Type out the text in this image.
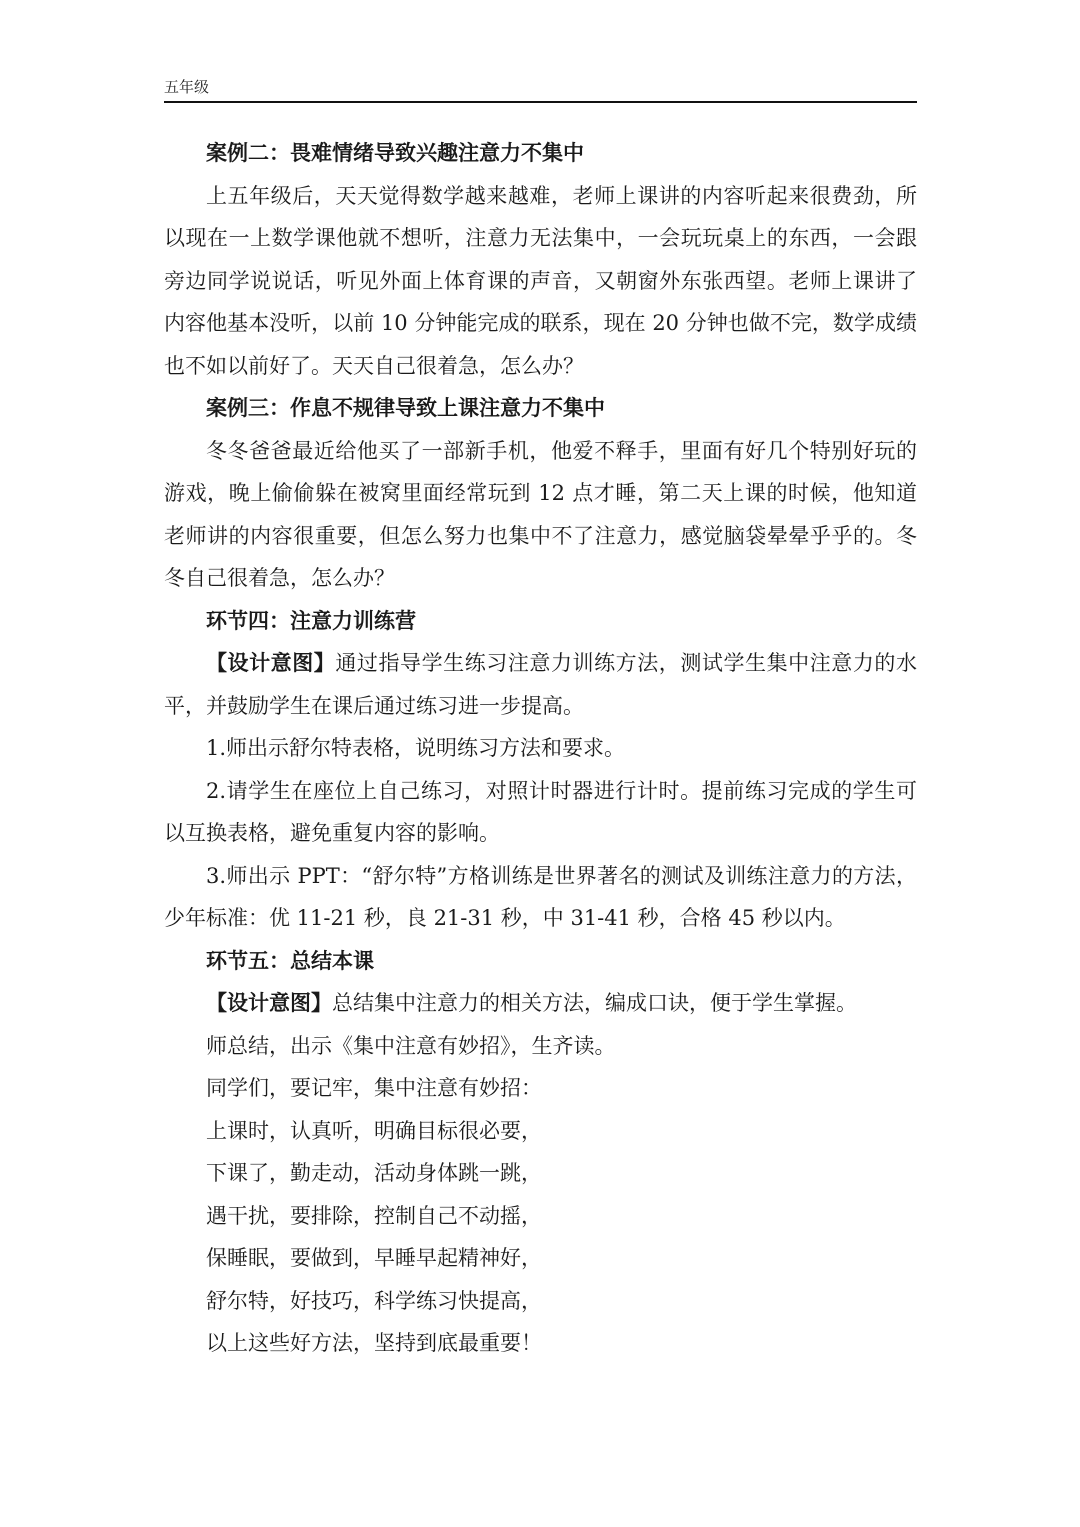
五年级

案例二：畏难情绪导致兴趣注意力不集中

上五年级后，天天觉得数学越来越难，老师上课讲的内容听起来很费劲，所以现在一上数学课他就不想听，注意力无法集中，一会玩玩桌上的东西，一会跟旁边同学说说话，听见外面上体育课的声音，又朝窗外东张西望。老师上课讲了内容他基本没听，以前 10 分钟能完成的联系，现在 20 分钟也做不完，数学成绩也不如以前好了。天天自己很着急，怎么办？

案例三：作息不规律导致上课注意力不集中

冬冬爸爸最近给他买了一部新手机，他爱不释手，里面有好几个特别好玩的游戏，晚上偷偷躲在被窝里面经常玩到 12 点才睡，第二天上课的时候，他知道老师讲的内容很重要，但怎么努力也集中不了注意力，感觉脑袋晕晕乎乎的。冬冬自己很着急，怎么办？

环节四：注意力训练营

【设计意图】通过指导学生练习注意力训练方法，测试学生集中注意力的水平，并鼓励学生在课后通过练习进一步提高。

1.师出示舒尔特表格，说明练习方法和要求。

2.请学生在座位上自己练习，对照计时器进行计时。提前练习完成的学生可以互换表格，避免重复内容的影响。

3.师出示 PPT：“舒尔特”方格训练是世界著名的测试及训练注意力的方法，少年标准：优 11-21 秒，良 21-31 秒，中 31-41 秒，合格 45 秒以内。

环节五：总结本课

【设计意图】总结集中注意力的相关方法，编成口诀，便于学生掌握。

师总结，出示《集中注意有妙招》，生齐读。

同学们，要记牢，集中注意有妙招：

上课时，认真听，明确目标很必要，

下课了，勤走动，活动身体跳一跳，

遇干扰，要排除，控制自己不动摇，

保睡眠，要做到，早睡早起精神好，

舒尔特，好技巧，科学练习快提高，

以上这些好方法，坚持到底最重要！
